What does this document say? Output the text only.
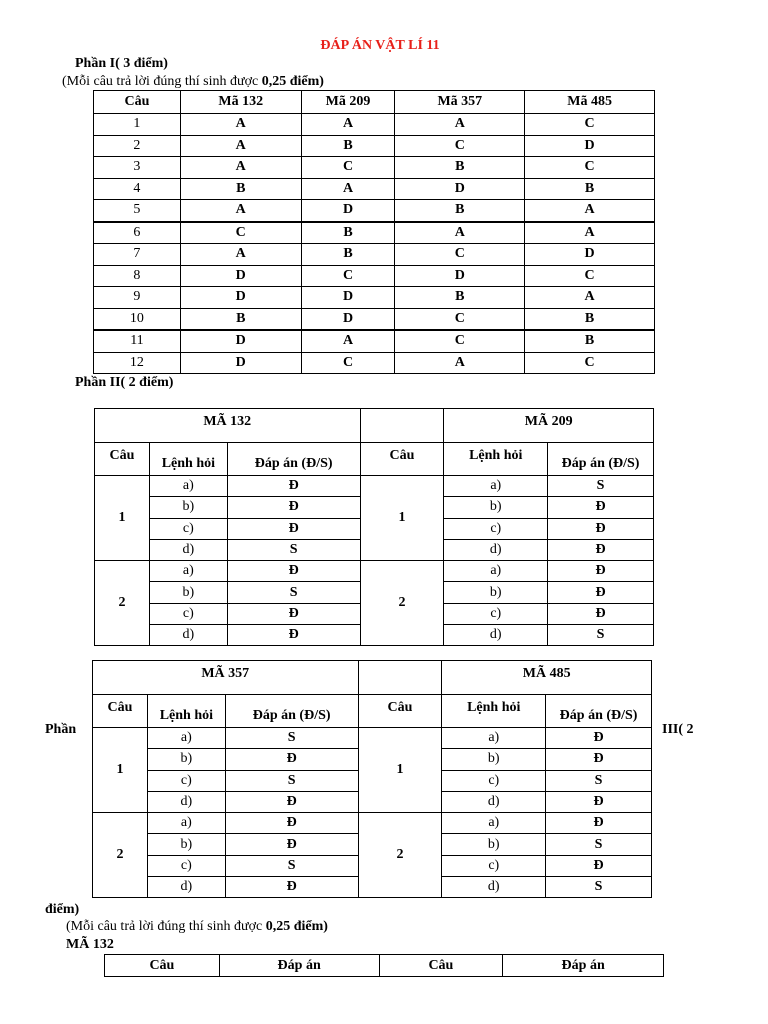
ĐÁP ÁN VẬT LÍ 11
Phần I( 3 điểm)
(Mỗi câu trả lời đúng thí sinh được 0,25 điểm)
Câu	Mã 132	Mã 209	Mã 357	Mã 485
1	A	A	A	C
2	A	B	C	D
3	A	C	B	C
4	B	A	D	B
5	A	D	B	A
6	C	B	A	A
7	A	B	C	D
8	D	C	D	C
9	D	D	B	A
10	B	D	C	B
11	D	A	C	B
12	D	C	A	C
Phần II( 2 điểm)
MÃ 132				MÃ 209	
Câu	Lệnh hỏi	Đáp án (Đ/S)	Câu	Lệnh hỏi	Đáp án (Đ/S)
1	a)	Đ	1	a)	S
	b)	Đ		b)	Đ
	c)	Đ		c)	Đ
	d)	S		d)	Đ
2	a)	Đ	2	a)	Đ
	b)	S		b)	Đ
	c)	Đ		c)	Đ
	d)	Đ		d)	S
MÃ 357				MÃ 485	
Câu	Lệnh hỏi	Đáp án (Đ/S)	Câu	Lệnh hỏi	Đáp án (Đ/S)
1	a)	S	1	a)	Đ
	b)	Đ		b)	Đ
	c)	S		c)	S
	d)	Đ		d)	Đ
2	a)	Đ	2	a)	Đ
	b)	Đ		b)	S
	c)	S		c)	Đ
	d)	Đ		d)	S
Phần	III( 2
điểm)
(Mỗi câu trả lời đúng thí sinh được 0,25 điểm)
MÃ 132
Câu	Đáp án	Câu	Đáp án
